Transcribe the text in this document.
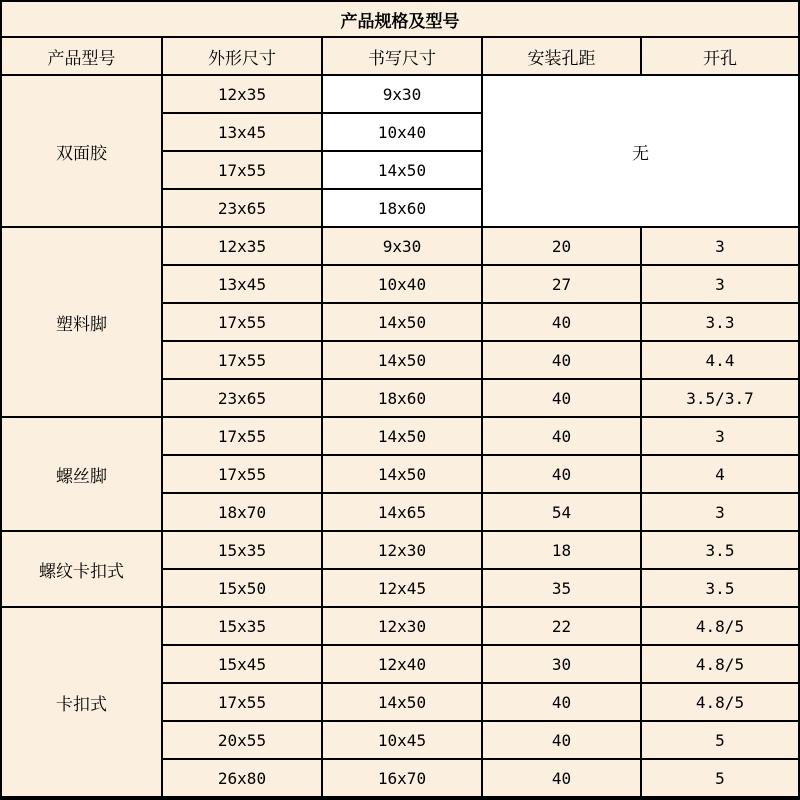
产品规格及型号
产品型号	外形尺寸	书写尺寸	安装孔距	开孔
双面胶	无
12x35	9x30
13x45	10x40
17x55	14x50
23x65	18x60
塑料脚
12x35	9x30	20	3
13x45	10x40	27	3
17x55	14x50	40	3.3
17x55	14x50	40	4.4
23x65	18x60	40	3.5/3.7
螺丝脚
17x55	14x50	40	3
17x55	14x50	40	4
18x70	14x65	54	3
螺纹卡扣式
15x35	12x30	18	3.5
15x50	12x45	35	3.5
卡扣式
15x35	12x30	22	4.8/5
15x45	12x40	30	4.8/5
17x55	14x50	40	4.8/5
20x55	10x45	40	5
26x80	16x70	40	5
